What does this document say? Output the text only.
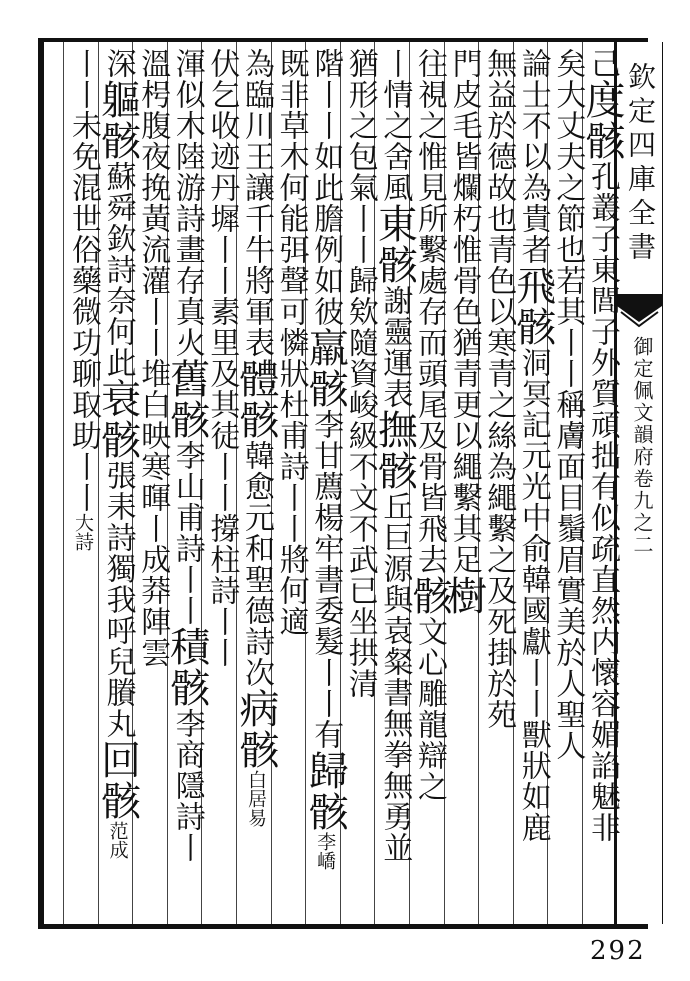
欽定四庫全書
御定佩文韻府卷九之二
292
己度骸孔叢子東閭子外質頑拙有似疏直然内懷容媚諂魅非
矣大丈夫之節也若其丨丨稱膚面目鬚眉實美於人聖人
論士不以為貴者飛骸洞冥記元光中俞韓國獻丨丨獸狀如鹿
無益於德故也青色以寒青之絲為繩繫之及死掛於苑
門皮毛皆爛朽惟骨色猶青更以繩繫其足樹
往視之惟見所繫處存而頭尾及骨皆飛去骸文心雕龍辯之
丨情之舍風東骸謝靈運表撫骸丘巨源與袁粲書無拳無勇並
猶形之包氣丨丨歸欸隨資峻級不文不武已坐拱清
階丨丨如此膽例如彼羸骸李甘薦楊牢書委髮丨丨有歸骸李嶠
既非草木何能弭聲可憐狀杜甫詩丨丨將何適
為臨川王讓千牛將軍表體骸韓愈元和聖德詩次病骸白居易
伏乞收迹丹墀丨丨素里及其徒丨丨撐柱詩丨丨
渾似木陸游詩畫存真火舊骸李山甫詩丨丨積骸李商隱詩丨
溫枵腹夜挽黃流灌丨丨堆白映寒暉丨成莽陣雲
深軀骸蘇舜欽詩奈何此衰骸張耒詩獨我呼兒賸丸回骸范成
丨丨未免混世俗藥微功聊取助丨丨大詩
